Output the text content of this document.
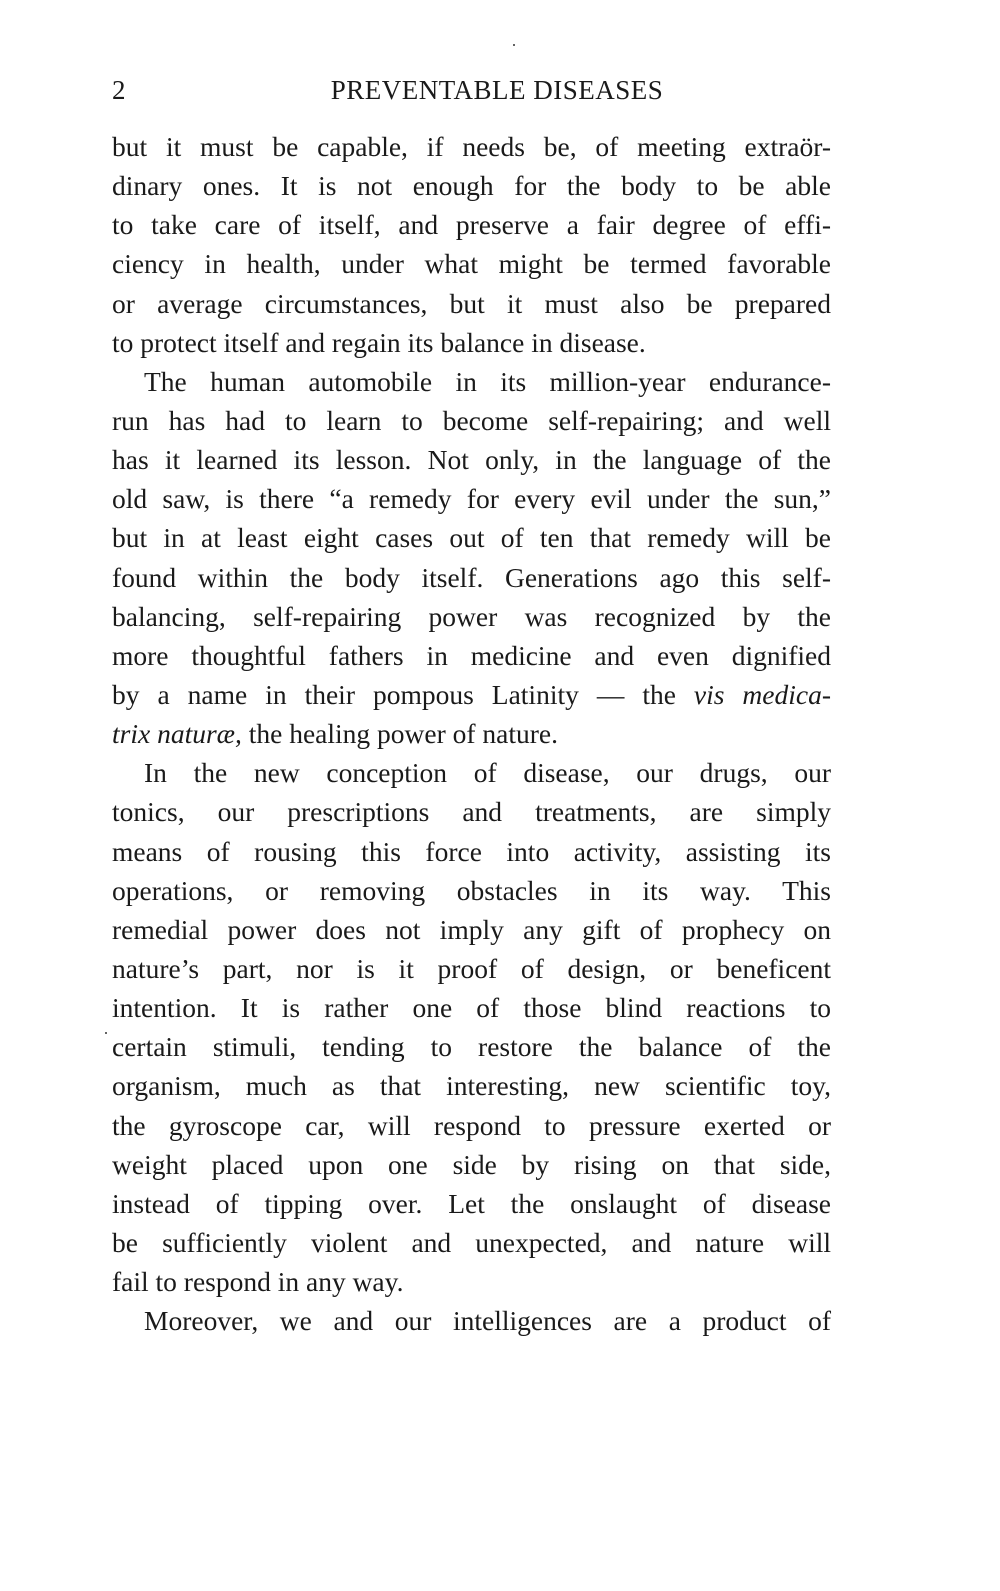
2	PREVENTABLE DISEASES
but it must be capable, if needs be, of meeting extraör-
dinary ones. It is not enough for the body to be able
to take care of itself, and preserve a fair degree of effi-
ciency in health, under what might be termed favorable
or average circumstances, but it must also be prepared
to protect itself and regain its balance in disease.
The human automobile in its million-year endurance-
run has had to learn to become self-repairing; and well
has it learned its lesson. Not only, in the language of the
old saw, is there “a remedy for every evil under the sun,”
but in at least eight cases out of ten that remedy will be
found within the body itself. Generations ago this self-
balancing, self-repairing power was recognized by the
more thoughtful fathers in medicine and even dignified
by a name in their pompous Latinity — the vis medica-
trix naturæ, the healing power of nature.
In the new conception of disease, our drugs, our
tonics, our prescriptions and treatments, are simply
means of rousing this force into activity, assisting its
operations, or removing obstacles in its way. This
remedial power does not imply any gift of prophecy on
nature’s part, nor is it proof of design, or beneficent
intention. It is rather one of those blind reactions to
certain stimuli, tending to restore the balance of the
organism, much as that interesting, new scientific toy,
the gyroscope car, will respond to pressure exerted or
weight placed upon one side by rising on that side,
instead of tipping over. Let the onslaught of disease
be sufficiently violent and unexpected, and nature will
fail to respond in any way.
Moreover, we and our intelligences are a product of
